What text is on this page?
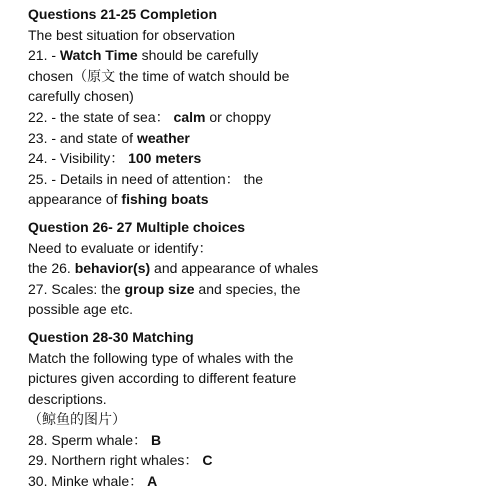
Questions 21-25 Completion

The best situation for observation

21. - Watch Time should be carefully

chosen（原文 the time of watch should be

carefully chosen)

22. - the state of sea： calm or choppy

23. - and state of weather

24. - Visibility： 100 meters

25. - Details in need of attention： the

appearance of fishing boats

Question 26- 27 Multiple choices

Need to evaluate or identify：

the 26. behavior(s) and appearance of whales

27. Scales: the group size and species, the

possible age etc.

Question 28-30 Matching

Match the following type of whales with the

pictures given according to different feature

descriptions.

（鲸鱼的图片）

28. Sperm whale： B

29. Northern right whales： C

30. Minke whale： A
